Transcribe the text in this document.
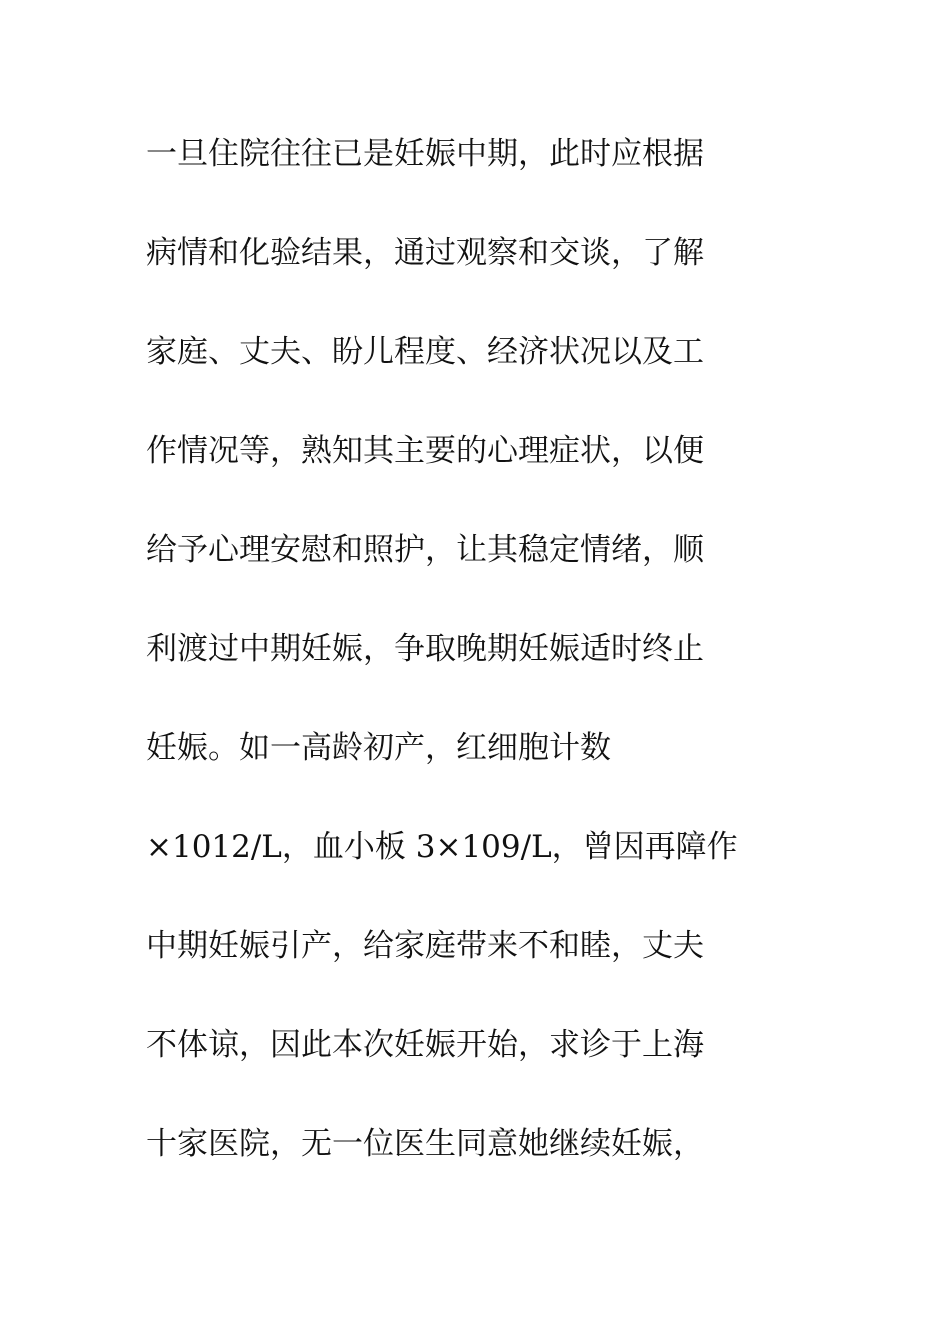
一旦住院往往已是妊娠中期，此时应根据
病情和化验结果，通过观察和交谈，了解
家庭、丈夫、盼儿程度、经济状况以及工
作情况等，熟知其主要的心理症状，以便
给予心理安慰和照护，让其稳定情绪，顺
利渡过中期妊娠，争取晚期妊娠适时终止
妊娠。如一高龄初产，红细胞计数
×1012/L，血小板 3×109/L，曾因再障作
中期妊娠引产，给家庭带来不和睦，丈夫
不体谅，因此本次妊娠开始，求诊于上海
十家医院，无一位医生同意她继续妊娠，
